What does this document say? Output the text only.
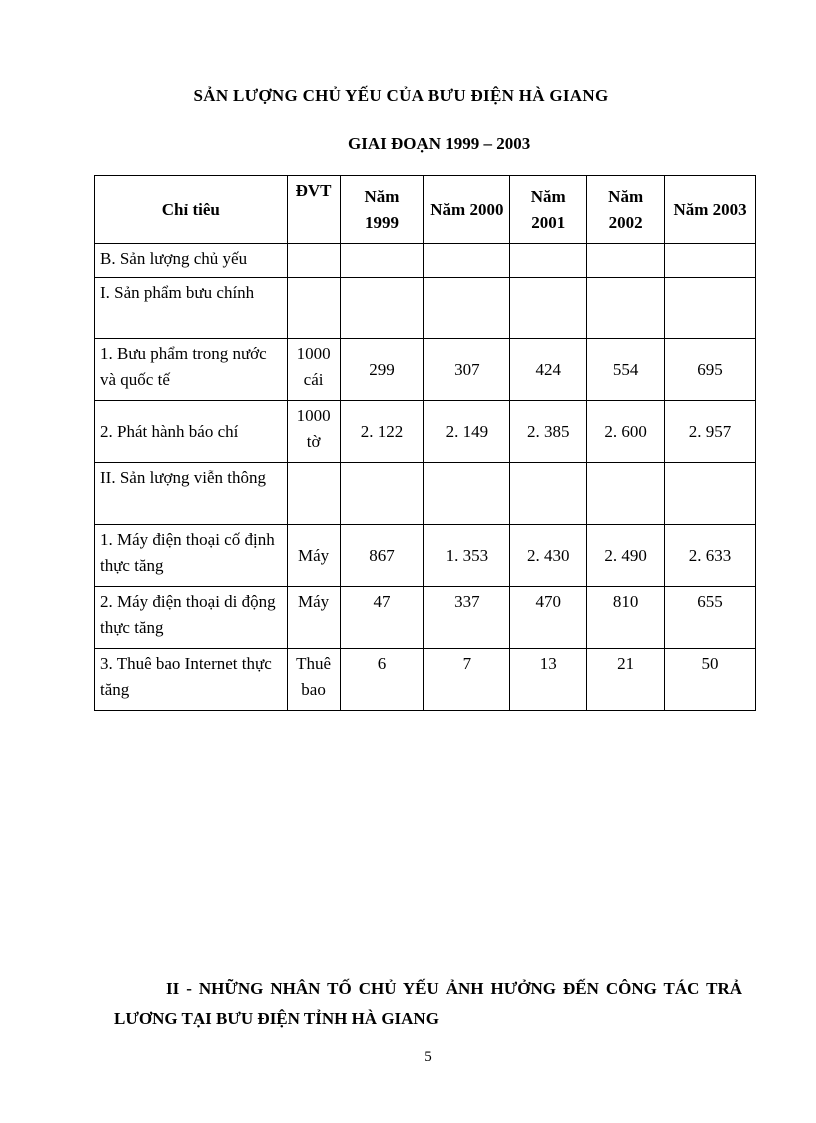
SẢN LƯỢNG CHỦ YẾU CỦA BƯU ĐIỆN HÀ GIANG
GIAI ĐOẠN 1999 – 2003
Chỉ tiêu	ĐVT	Năm 1999	Năm 2000	Năm 2001	Năm 2002	Năm 2003
B. Sản lượng chủ yếu						
I. Sản phẩm bưu chính						
1. Bưu phẩm trong nước và quốc tế	1000 cái	299	307	424	554	695
2. Phát hành báo chí	1000 tờ	2. 122	2. 149	2. 385	2. 600	2. 957
II. Sản lượng viễn thông						
1. Máy điện thoại cố định thực tăng	Máy	867	1. 353	2. 430	2. 490	2. 633
2. Máy điện thoại di động thực tăng	Máy	47	337	470	810	655
3. Thuê bao Internet thực tăng	Thuê bao	6	7	13	21	50
II - NHỮNG NHÂN TỐ CHỦ YẾU ẢNH HƯỞNG ĐẾN CÔNG TÁC TRẢ LƯƠNG TẠI BƯU ĐIỆN TỈNH HÀ GIANG
5
